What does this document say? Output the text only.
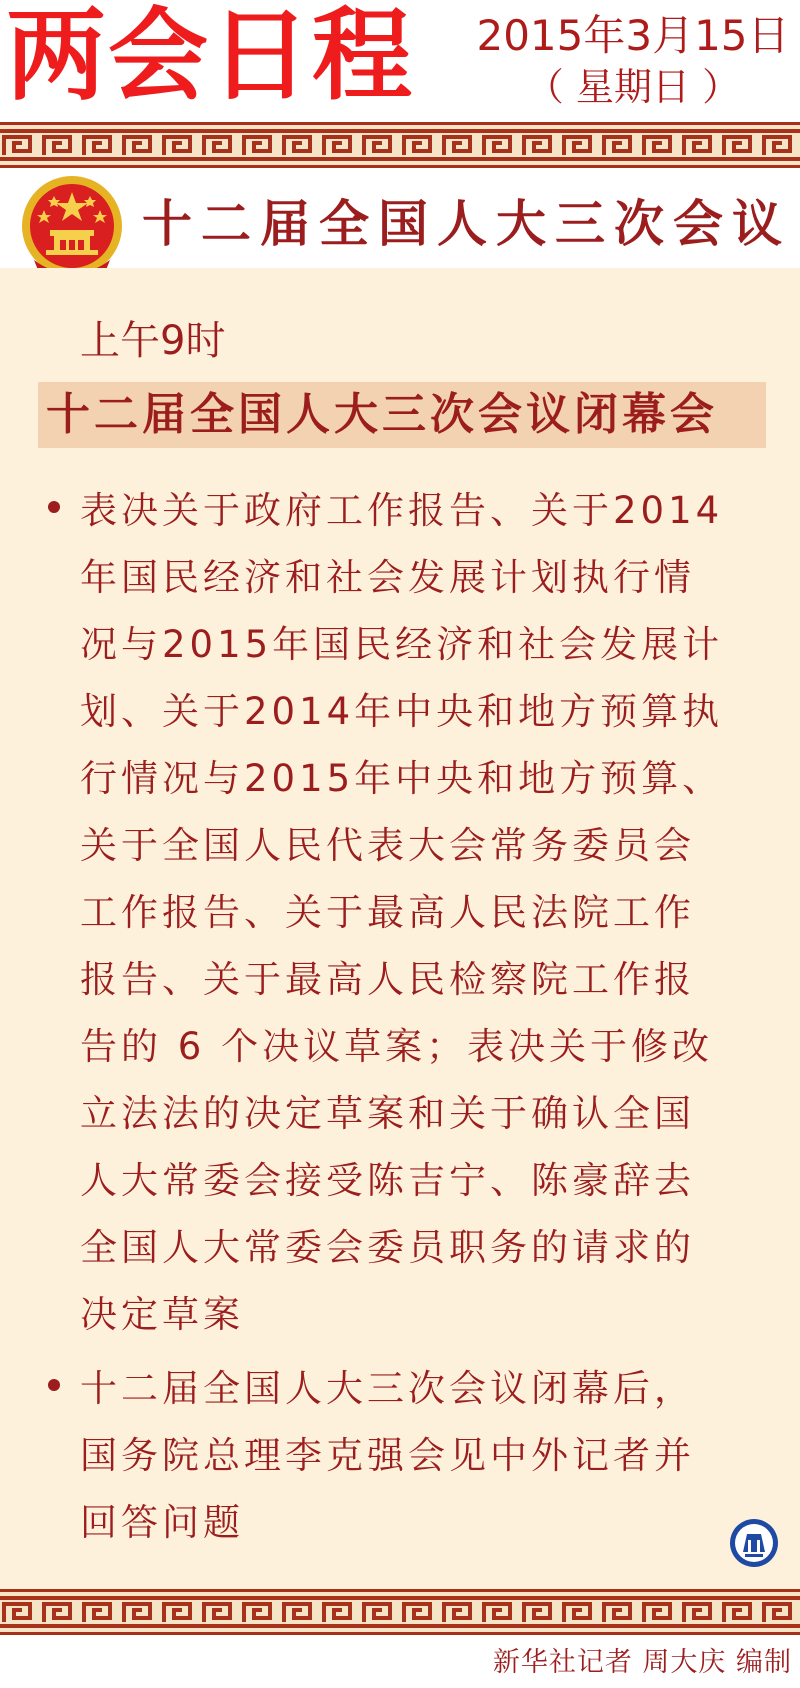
两会日程 2015年3月15日
（ 星期日 ）
十二届全国人大三次会议
上午9时
十二届全国人大三次会议闭幕会
表决关于政府工作报告、关于2014
年国民经济和社会发展计划执行情
况与2015年国民经济和社会发展计
划、关于2014年中央和地方预算执
行情况与2015年中央和地方预算、
关于全国人民代表大会常务委员会
工作报告、关于最高人民法院工作
报告、关于最高人民检察院工作报
告的 6 个决议草案；表决关于修改
立法法的决定草案和关于确认全国
人大常委会接受陈吉宁、陈豪辞去
全国人大常委会委员职务的请求的
决定草案
十二届全国人大三次会议闭幕后，
国务院总理李克强会见中外记者并
回答问题
新华社记者 周大庆 编制
